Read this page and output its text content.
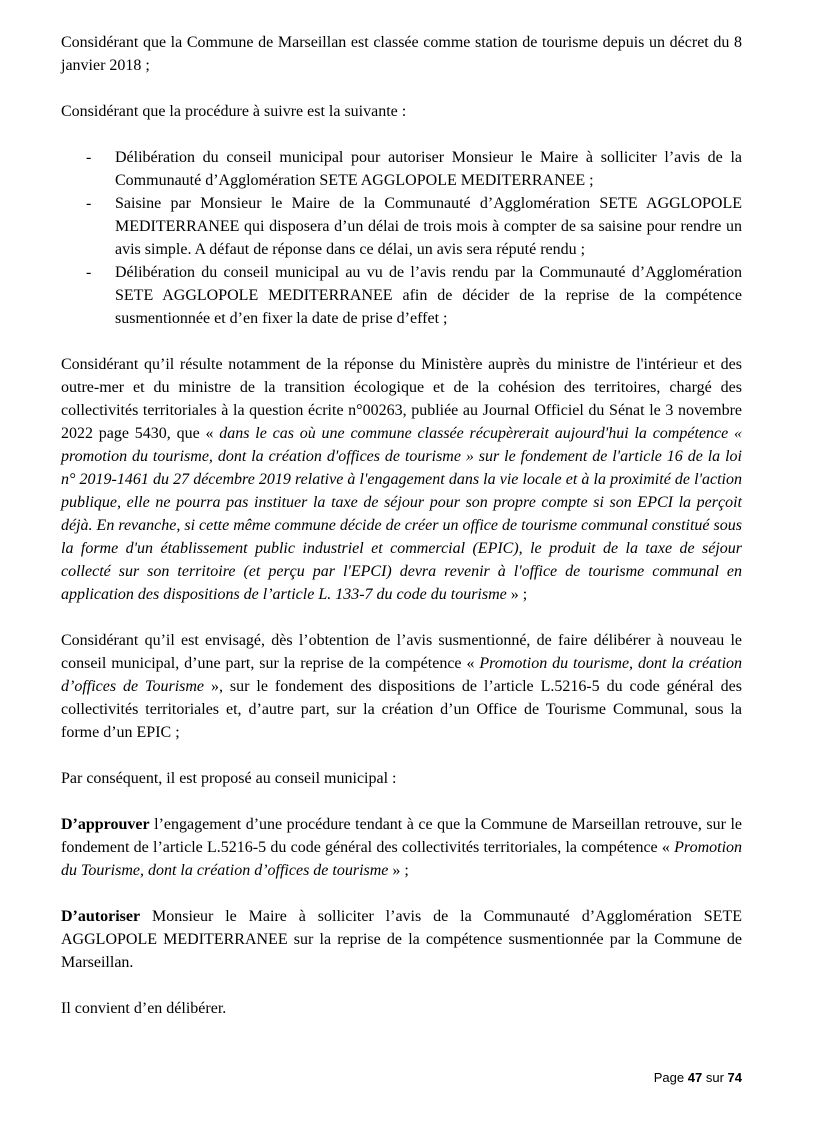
Considérant que la Commune de Marseillan est classée comme station de tourisme depuis un décret du 8 janvier 2018 ;

Considérant que la procédure à suivre est la suivante :

- Délibération du conseil municipal pour autoriser Monsieur le Maire à solliciter l’avis de la Communauté d’Agglomération SETE AGGLOPOLE MEDITERRANEE ;
- Saisine par Monsieur le Maire de la Communauté d’Agglomération SETE AGGLOPOLE MEDITERRANEE qui disposera d’un délai de trois mois à compter de sa saisine pour rendre un avis simple. A défaut de réponse dans ce délai, un avis sera réputé rendu ;
- Délibération du conseil municipal au vu de l’avis rendu par la Communauté d’Agglomération SETE AGGLOPOLE MEDITERRANEE afin de décider de la reprise de la compétence susmentionnée et d’en fixer la date de prise d’effet ;

Considérant qu’il résulte notamment de la réponse du Ministère auprès du ministre de l'intérieur et des outre-mer et du ministre de la transition écologique et de la cohésion des territoires, chargé des collectivités territoriales à la question écrite n°00263, publiée au Journal Officiel du Sénat le 3 novembre 2022 page 5430, que « dans le cas où une commune classée récupèrerait aujourd'hui la compétence « promotion du tourisme, dont la création d'offices de tourisme » sur le fondement de l'article 16 de la loi n° 2019-1461 du 27 décembre 2019 relative à l'engagement dans la vie locale et à la proximité de l'action publique, elle ne pourra pas instituer la taxe de séjour pour son propre compte si son EPCI la perçoit déjà. En revanche, si cette même commune décide de créer un office de tourisme communal constitué sous la forme d'un établissement public industriel et commercial (EPIC), le produit de la taxe de séjour collecté sur son territoire (et perçu par l'EPCI) devra revenir à l'office de tourisme communal en application des dispositions de l’article L. 133-7 du code du tourisme » ;

Considérant qu’il est envisagé, dès l’obtention de l’avis susmentionné, de faire délibérer à nouveau le conseil municipal, d’une part, sur la reprise de la compétence « Promotion du tourisme, dont la création d’offices de Tourisme », sur le fondement des dispositions de l’article L.5216-5 du code général des collectivités territoriales et, d’autre part, sur la création d’un Office de Tourisme Communal, sous la forme d’un EPIC ;

Par conséquent, il est proposé au conseil municipal :

D’approuver l’engagement d’une procédure tendant à ce que la Commune de Marseillan retrouve, sur le fondement de l’article L.5216-5 du code général des collectivités territoriales, la compétence « Promotion du Tourisme, dont la création d’offices de tourisme » ;

D’autoriser Monsieur le Maire à solliciter l’avis de la Communauté d’Agglomération SETE AGGLOPOLE MEDITERRANEE sur la reprise de la compétence susmentionnée par la Commune de Marseillan.

Il convient d’en délibérer.

Page 47 sur 74
